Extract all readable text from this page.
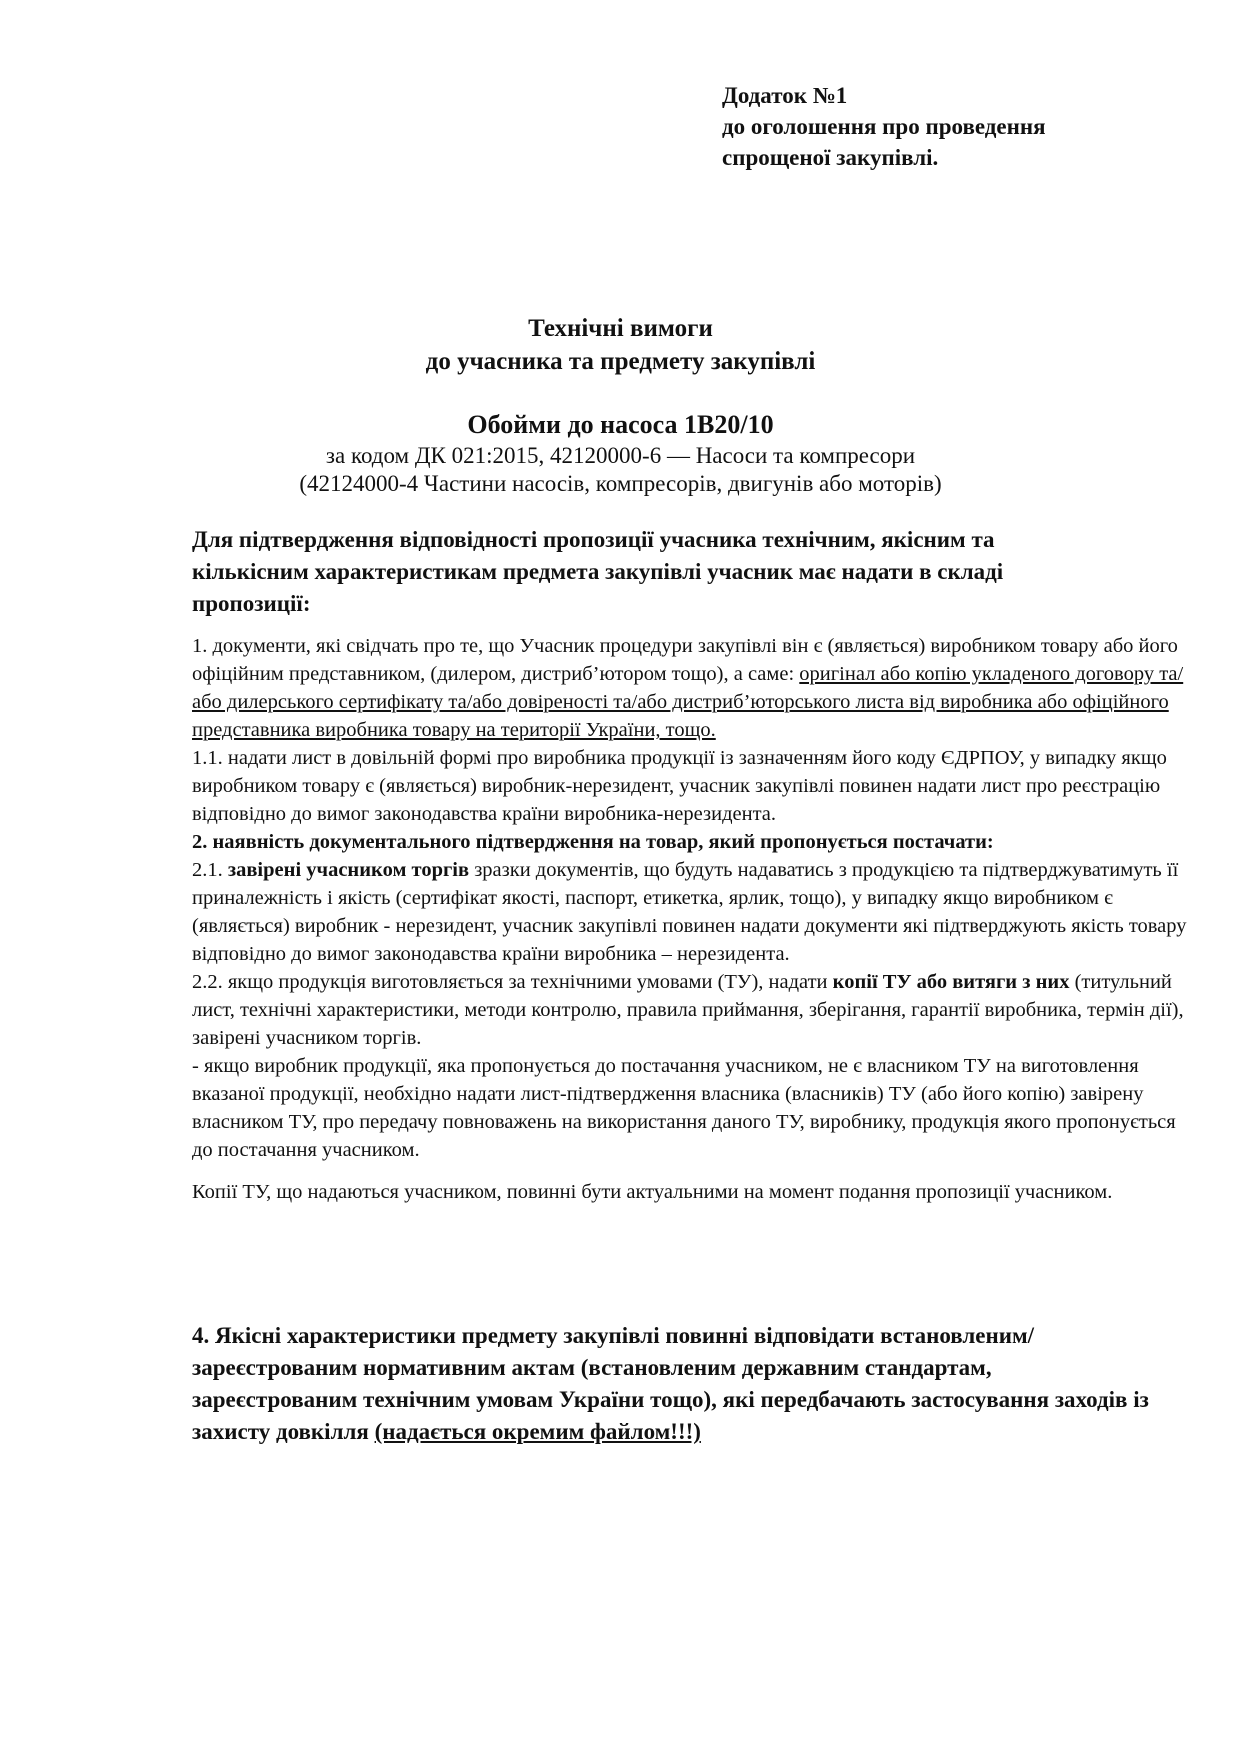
Додаток №1
до оголошення про проведення
спрощеної закупівлі.
Технічні вимоги
до учасника та предмету закупівлі
Обойми до насоса 1В20/10
за кодом ДК 021:2015, 42120000-6 — Насоси та компресори
(42124000-4 Частини насосів, компресорів, двигунів або моторів)
Для підтвердження відповідності пропозиції учасника технічним, якісним та кількісним характеристикам предмета закупівлі учасник має надати в складі пропозиції:

1. документи, які свідчать про те, що Учасник процедури закупівлі він є (являється) виробником товару або його офіційним представником, (дилером, дистриб’ютором тощо), а саме: оригінал або копію укладеного договору та/або дилерського сертифікату та/або довіреності та/або дистриб’юторського листа від виробника або офіційного представника виробника товару на території України, тощо.

1.1. надати лист в довільній формі про виробника продукції із зазначенням його коду ЄДРПОУ, у випадку якщо виробником товару є (являється) виробник-нерезидент, учасник закупівлі повинен надати лист про реєстрацію відповідно до вимог законодавства країни виробника-нерезидента.

2. наявність документального підтвердження на товар, який пропонується постачати:

2.1. завірені учасником торгів зразки документів, що будуть надаватись з продукцією та підтверджуватимуть її приналежність і якість (сертифікат якості, паспорт, етикетка, ярлик, тощо), у випадку якщо виробником є (являється) виробник - нерезидент, учасник закупівлі повинен надати документи які підтверджують якість товару відповідно до вимог законодавства країни виробника – нерезидента.

2.2. якщо продукція виготовляється за технічними умовами (ТУ), надати копії ТУ або витяги з них (титульний лист, технічні характеристики, методи контролю, правила приймання, зберігання, гарантії виробника, термін дії), завірені учасником торгів.

- якщо виробник продукції, яка пропонується до постачання учасником, не є власником ТУ на виготовлення вказаної продукції, необхідно надати лист-підтвердження власника (власників) ТУ (або його копію) завірену власником ТУ, про передачу повноважень на використання даного ТУ, виробнику, продукція якого пропонується до постачання учасником.

Копії ТУ, що надаються учасником, повинні бути актуальними на момент подання пропозиції учасником.

4. Якісні характеристики предмету закупівлі повинні відповідати встановленим/зареєстрованим нормативним актам (встановленим державним стандартам, зареєстрованим технічним умовам України тощо), які передбачають застосування заходів із захисту довкілля (надається окремим файлом!!!)
